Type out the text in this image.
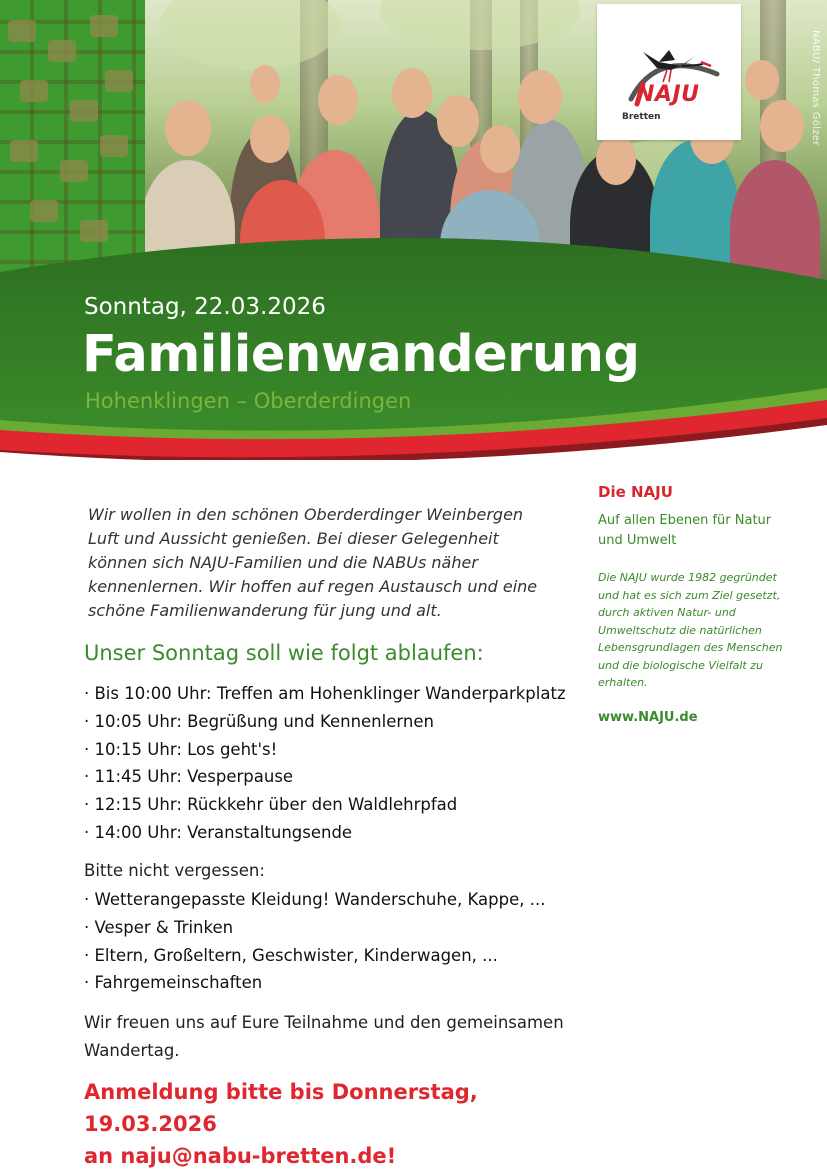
NABU/ Thomas Gölzer
NAJU
Bretten
Sonntag, 22.03.2026
Familienwanderung
Hohenklingen – Oberderdingen

Wir wollen in den schönen Oberderdinger Weinbergen Luft und Aussicht genießen. Bei dieser Gelegenheit können sich NAJU-Familien und die NABUs näher kennenlernen. Wir hoffen auf regen Austausch und eine schöne Familienwanderung für jung und alt.

Unser Sonntag soll wie folgt ablaufen:
· Bis 10:00 Uhr: Treffen am Hohenklinger Wanderparkplatz
· 10:05 Uhr: Begrüßung und Kennenlernen
· 10:15 Uhr: Los geht's!
· 11:45 Uhr: Vesperpause
· 12:15 Uhr: Rückkehr über den Waldlehrpfad
· 14:00 Uhr: Veranstaltungsende
Bitte nicht vergessen:
· Wetterangepasste Kleidung! Wanderschuhe, Kappe, ...
· Vesper & Trinken
· Eltern, Großeltern, Geschwister, Kinderwagen, ...
· Fahrgemeinschaften
Wir freuen uns auf Eure Teilnahme und den gemeinsamen Wandertag.
Anmeldung bitte bis Donnerstag, 19.03.2026
an naju@nabu-bretten.de!
Die NAJU
Auf allen Ebenen für Natur und Umwelt
Die NAJU wurde 1982 gegründet und hat es sich zum Ziel gesetzt, durch aktiven Natur- und Umweltschutz die natürlichen Lebensgrundlagen des Menschen und die biologische Vielfalt zu erhalten.
www.NAJU.de
